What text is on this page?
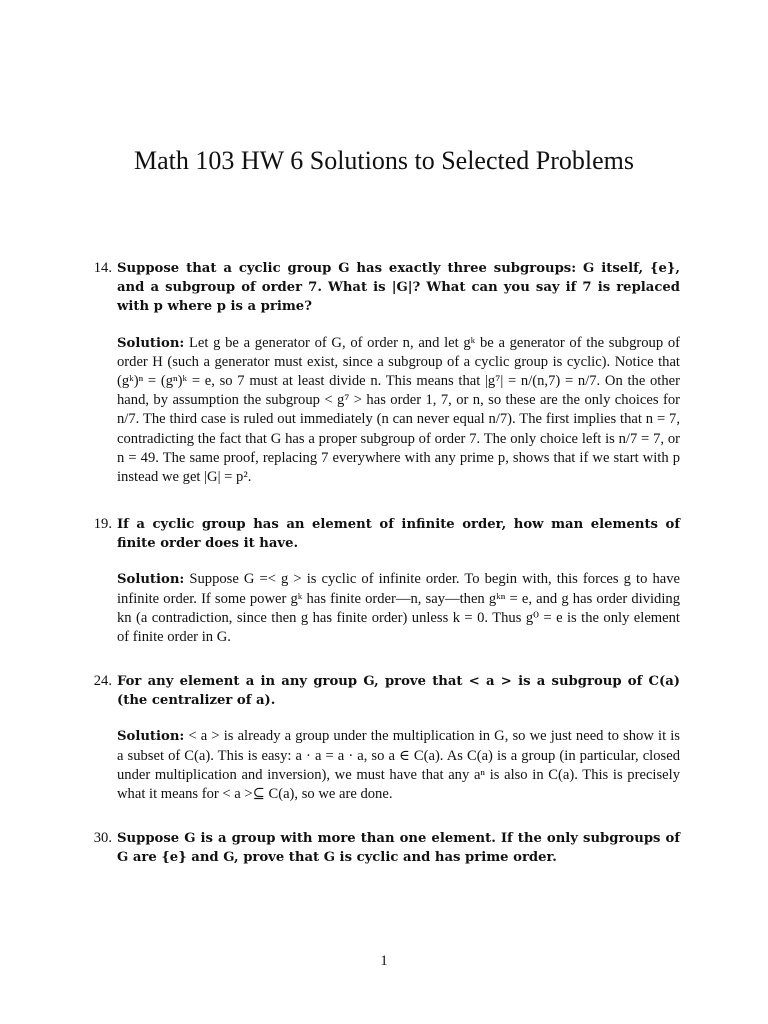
Math 103 HW 6 Solutions to Selected Problems
14. Suppose that a cyclic group G has exactly three subgroups: G itself, {e}, and a subgroup of order 7. What is |G|? What can you say if 7 is replaced with p where p is a prime?
Solution: Let g be a generator of G, of order n, and let gᵏ be a generator of the subgroup of order H (such a generator must exist, since a subgroup of a cyclic group is cyclic). Notice that (gᵏ)ⁿ = (gⁿ)ᵏ = e, so 7 must at least divide n. This means that |g⁷| = n/(n,7) = n/7. On the other hand, by assumption the subgroup < g⁷ > has order 1, 7, or n, so these are the only choices for n/7. The third case is ruled out immediately (n can never equal n/7). The first implies that n = 7, contradicting the fact that G has a proper subgroup of order 7. The only choice left is n/7 = 7, or n = 49. The same proof, replacing 7 everywhere with any prime p, shows that if we start with p instead we get |G| = p².
19. If a cyclic group has an element of infinite order, how man elements of finite order does it have.
Solution: Suppose G =< g > is cyclic of infinite order. To begin with, this forces g to have infinite order. If some power gᵏ has finite order—n, say—then gᵏⁿ = e, and g has order dividing kn (a contradiction, since then g has finite order) unless k = 0. Thus g⁰ = e is the only element of finite order in G.
24. For any element a in any group G, prove that < a > is a subgroup of C(a) (the centralizer of a).
Solution: < a > is already a group under the multiplication in G, so we just need to show it is a subset of C(a). This is easy: a · a = a · a, so a ∈ C(a). As C(a) is a group (in particular, closed under multiplication and inversion), we must have that any aⁿ is also in C(a). This is precisely what it means for < a >⊆ C(a), so we are done.
30. Suppose G is a group with more than one element. If the only subgroups of G are {e} and G, prove that G is cyclic and has prime order.
1
